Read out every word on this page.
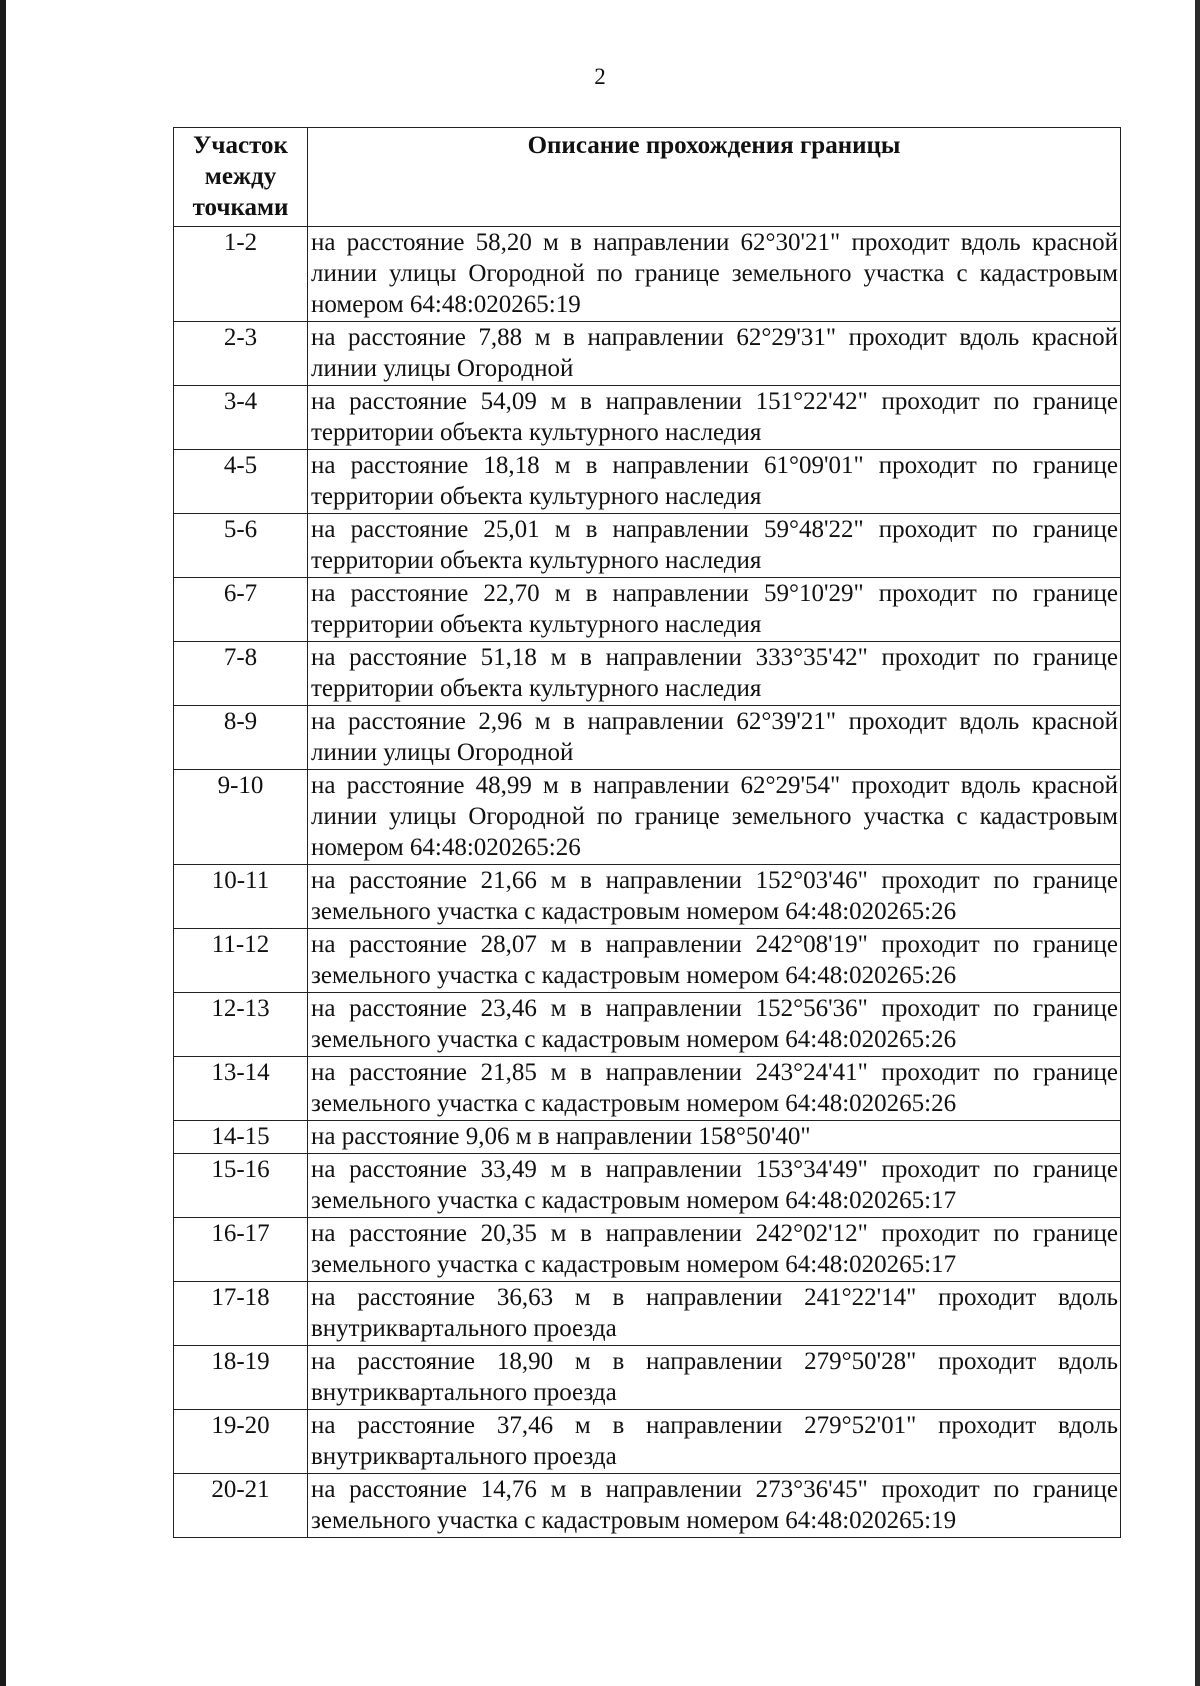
2
Участок между точками	Описание прохождения границы
1-2	на расстояние 58,20 м в направлении 62°30'21" проходит вдоль красной линии улицы Огородной по границе земельного участка с кадастровым номером 64:48:020265:19
2-3	на расстояние 7,88 м в направлении 62°29'31" проходит вдоль красной линии улицы Огородной
3-4	на расстояние 54,09 м в направлении 151°22'42" проходит по границе территории объекта культурного наследия
4-5	на расстояние 18,18 м в направлении 61°09'01" проходит по границе территории объекта культурного наследия
5-6	на расстояние 25,01 м в направлении 59°48'22" проходит по границе территории объекта культурного наследия
6-7	на расстояние 22,70 м в направлении 59°10'29" проходит по границе территории объекта культурного наследия
7-8	на расстояние 51,18 м в направлении 333°35'42" проходит по границе территории объекта культурного наследия
8-9	на расстояние 2,96 м в направлении 62°39'21" проходит вдоль красной линии улицы Огородной
9-10	на расстояние 48,99 м в направлении 62°29'54" проходит вдоль красной линии улицы Огородной по границе земельного участка с кадастровым номером 64:48:020265:26
10-11	на расстояние 21,66 м в направлении 152°03'46" проходит по границе земельного участка с кадастровым номером 64:48:020265:26
11-12	на расстояние 28,07 м в направлении 242°08'19" проходит по границе земельного участка с кадастровым номером 64:48:020265:26
12-13	на расстояние 23,46 м в направлении 152°56'36" проходит по границе земельного участка с кадастровым номером 64:48:020265:26
13-14	на расстояние 21,85 м в направлении 243°24'41" проходит по границе земельного участка с кадастровым номером 64:48:020265:26
14-15	на расстояние 9,06 м в направлении 158°50'40"
15-16	на расстояние 33,49 м в направлении 153°34'49" проходит по границе земельного участка с кадастровым номером 64:48:020265:17
16-17	на расстояние 20,35 м в направлении 242°02'12" проходит по границе земельного участка с кадастровым номером 64:48:020265:17
17-18	на расстояние 36,63 м в направлении 241°22'14" проходит вдоль внутриквартального проезда
18-19	на расстояние 18,90 м в направлении 279°50'28" проходит вдоль внутриквартального проезда
19-20	на расстояние 37,46 м в направлении 279°52'01" проходит вдоль внутриквартального проезда
20-21	на расстояние 14,76 м в направлении 273°36'45" проходит по границе земельного участка с кадастровым номером 64:48:020265:19
